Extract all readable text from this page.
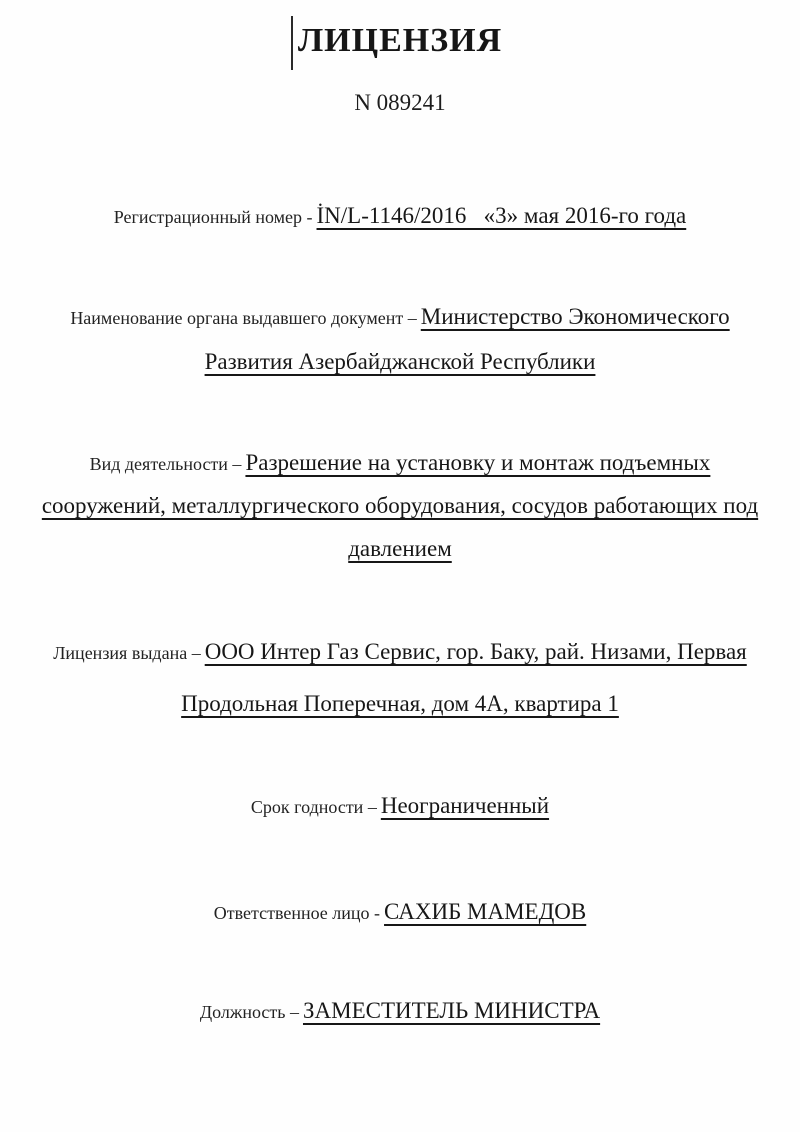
ЛИЦЕНЗИЯ

N 089241

Регистрационный номер - İN/L-1146/2016   «3» мая 2016-го года

Наименование органа выдавшего документ – Министерство Экономического Развития Азербайджанской Республики

Вид деятельности – Разрешение на установку и монтаж подъемных сооружений, металлургического оборудования, сосудов работающих под давлением

Лицензия выдана – ООО Интер Газ Сервис, гор. Баку, рай. Низами, Первая Продольная Поперечная, дом 4А, квартира 1

Срок годности – Неограниченный

Ответственное лицо - САХИБ МАМЕДОВ

Должность – ЗАМЕСТИТЕЛЬ МИНИСТРА
